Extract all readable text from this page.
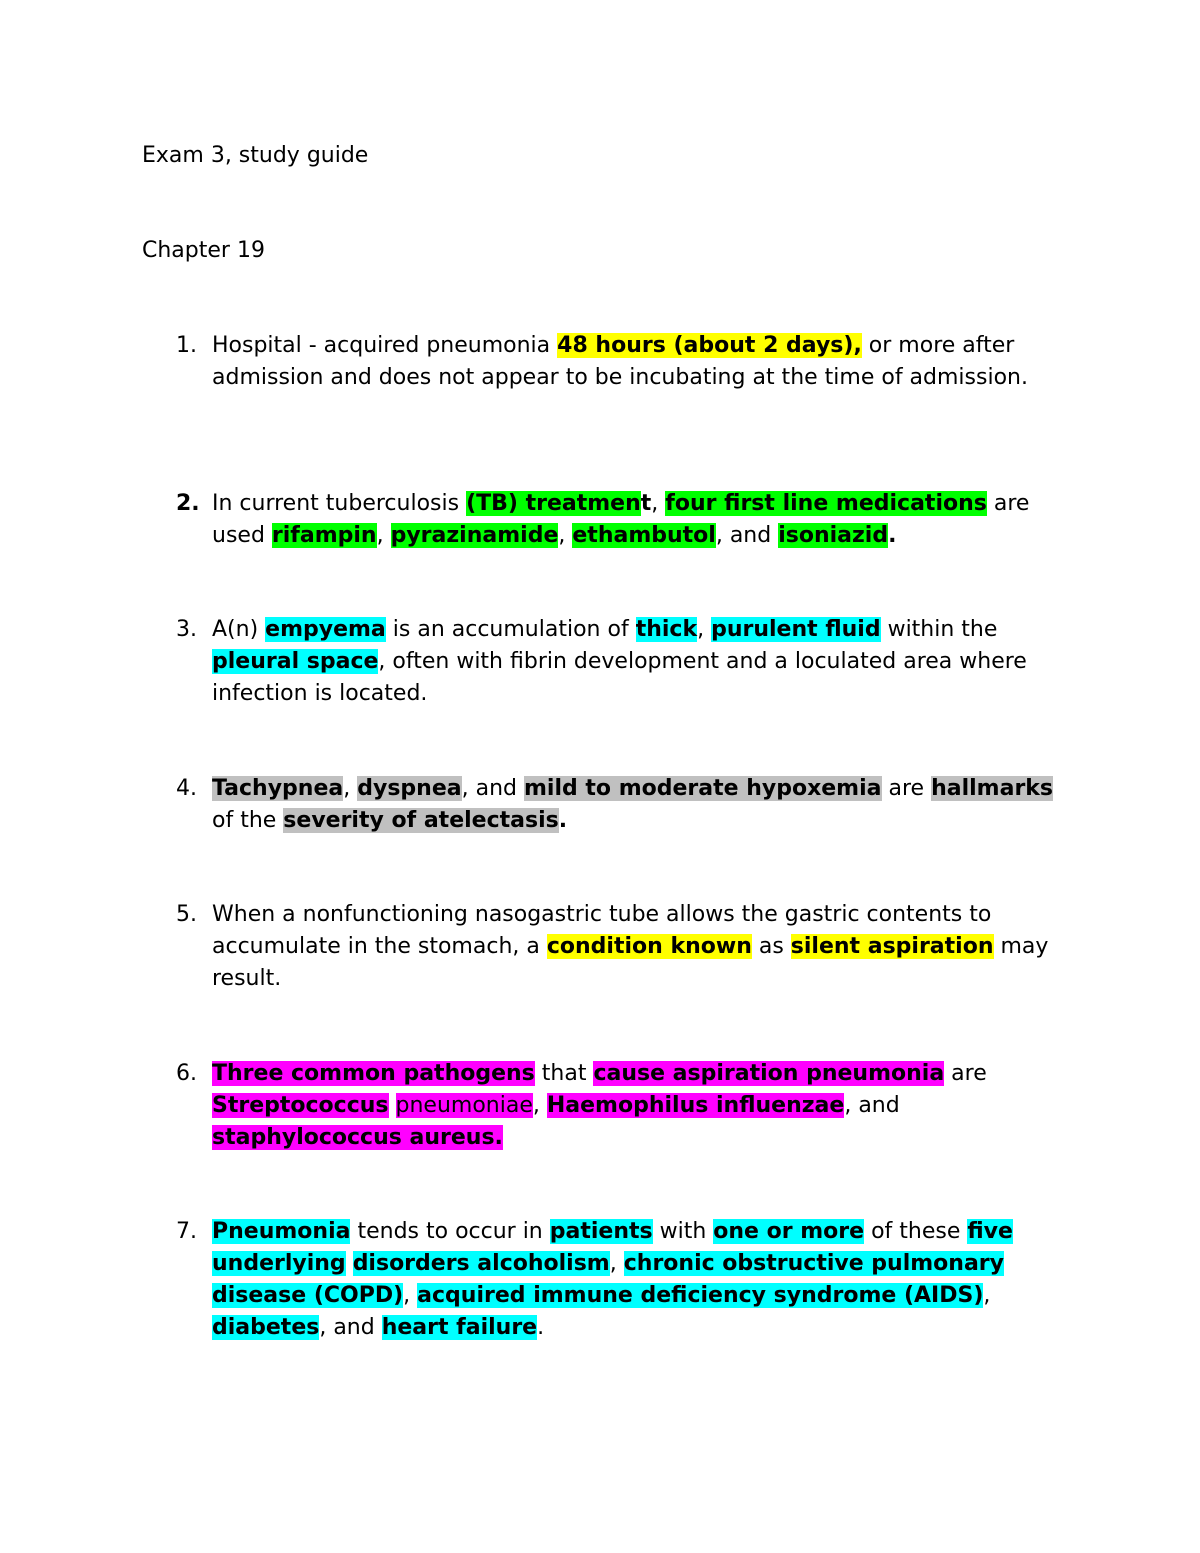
Exam 3, study guide
Chapter 19
1. Hospital - acquired pneumonia 48 hours (about 2 days), or more after admission and does not appear to be incubating at the time of admission.
2. In current tuberculosis (TB) treatment, four first line medications are used rifampin, pyrazinamide, ethambutol, and isoniazid.
3. A(n) empyema is an accumulation of thick, purulent fluid within the pleural space, often with fibrin development and a loculated area where infection is located.
4. Tachypnea, dyspnea, and mild to moderate hypoxemia are hallmarks of the severity of atelectasis.
5. When a nonfunctioning nasogastric tube allows the gastric contents to accumulate in the stomach, a condition known as silent aspiration may result.
6. Three common pathogens that cause aspiration pneumonia are Streptococcus pneumoniae, Haemophilus influenzae, and staphylococcus aureus.
7. Pneumonia tends to occur in patients with one or more of these five underlying disorders alcoholism, chronic obstructive pulmonary disease (COPD), acquired immune deficiency syndrome (AIDS), diabetes, and heart failure.
